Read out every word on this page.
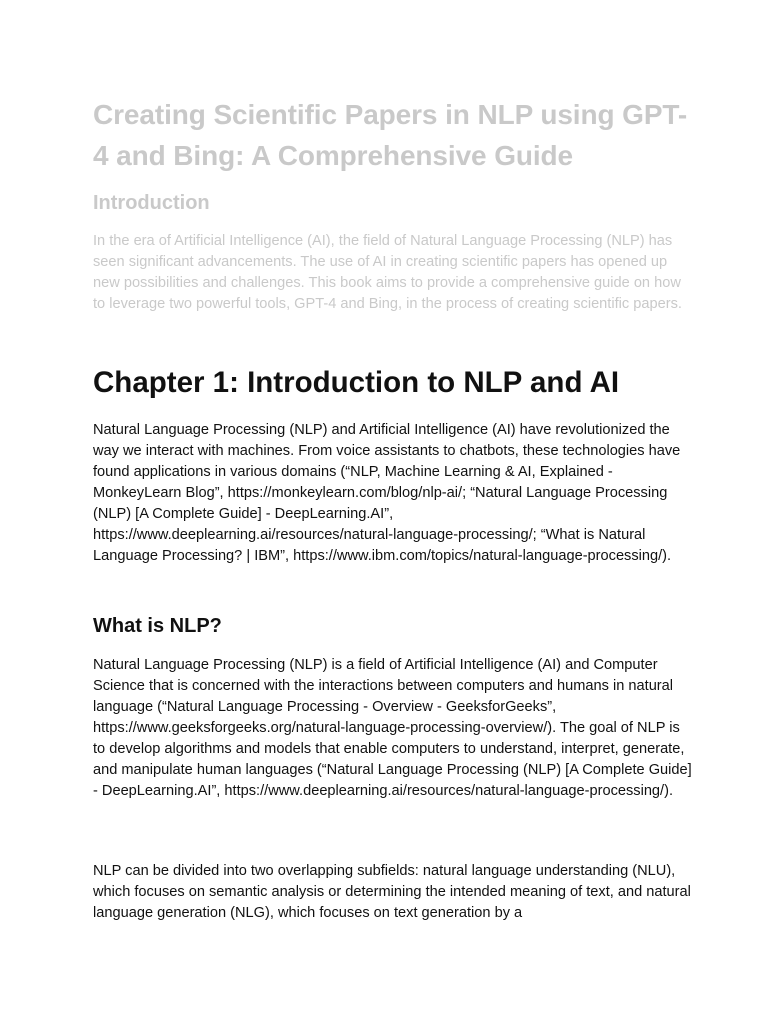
Creating Scientific Papers in NLP using GPT-4 and Bing: A Comprehensive Guide
Introduction

In the era of Artificial Intelligence (AI), the field of Natural Language Processing (NLP) has seen significant advancements. The use of AI in creating scientific papers has opened up new possibilities and challenges. This book aims to provide a comprehensive guide on how to leverage two powerful tools, GPT-4 and Bing, in the process of creating scientific papers.

Chapter 1: Introduction to NLP and AI

Natural Language Processing (NLP) and Artificial Intelligence (AI) have revolutionized the way we interact with machines. From voice assistants to chatbots, these technologies have found applications in various domains (“NLP, Machine Learning & AI, Explained - MonkeyLearn Blog”, https://monkeylearn.com/blog/nlp-ai/; “Natural Language Processing (NLP) [A Complete Guide] - DeepLearning.AI”, https://www.deeplearning.ai/resources/natural-language-processing/; “What is Natural Language Processing? | IBM”, https://www.ibm.com/topics/natural-language-processing/).

What is NLP?

Natural Language Processing (NLP) is a field of Artificial Intelligence (AI) and Computer Science that is concerned with the interactions between computers and humans in natural language (“Natural Language Processing - Overview - GeeksforGeeks”, https://www.geeksforgeeks.org/natural-language-processing-overview/). The goal of NLP is to develop algorithms and models that enable computers to understand, interpret, generate, and manipulate human languages (“Natural Language Processing (NLP) [A Complete Guide] - DeepLearning.AI”, https://www.deeplearning.ai/resources/natural-language-processing/).

NLP can be divided into two overlapping subfields: natural language understanding (NLU), which focuses on semantic analysis or determining the intended meaning of text, and natural language generation (NLG), which focuses on text generation by a
